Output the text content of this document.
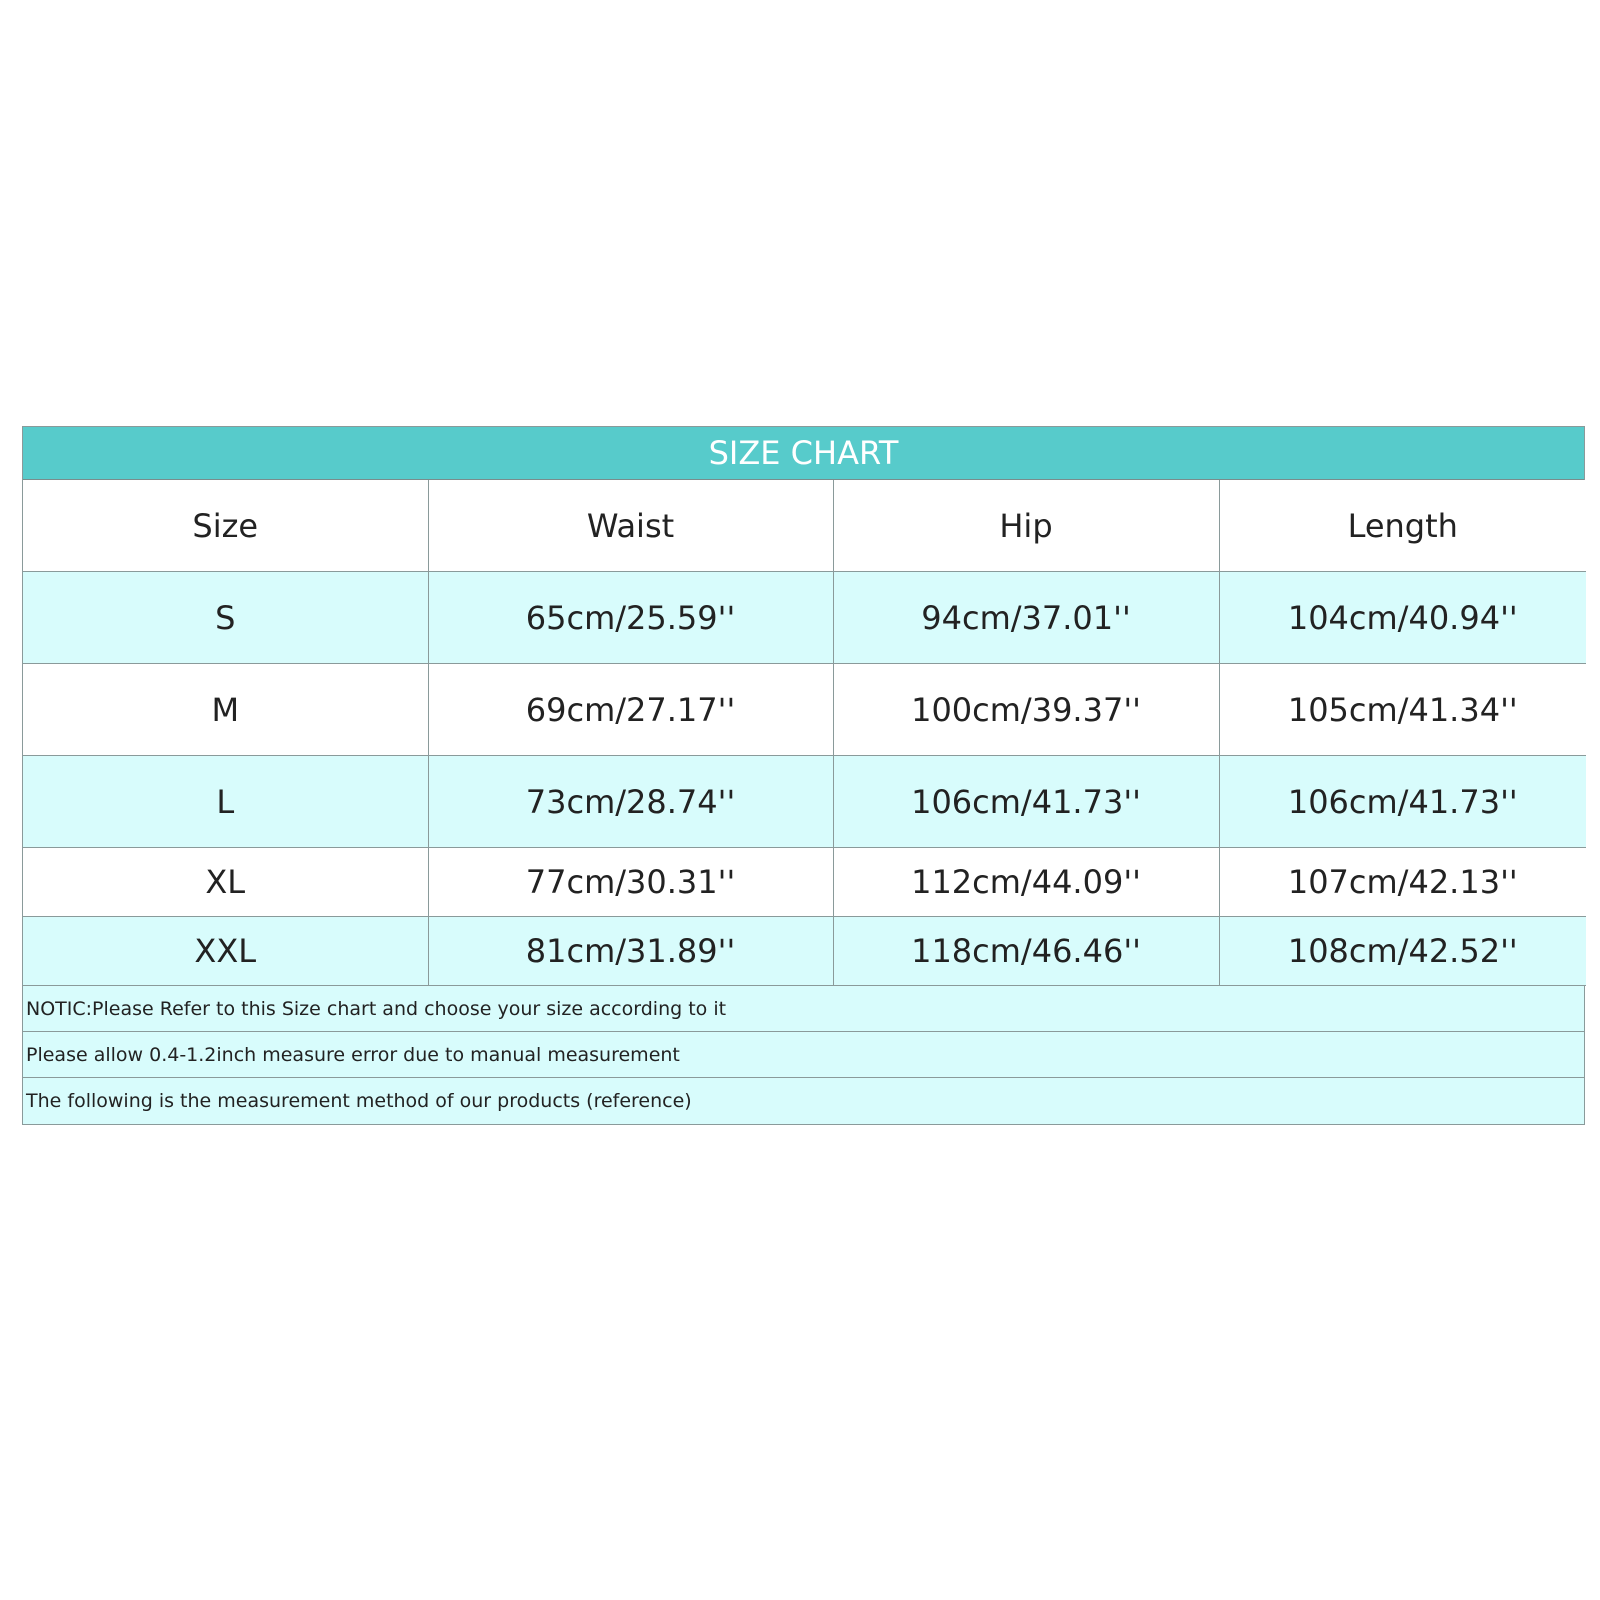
SIZE CHART
Size	Waist	Hip	Length
S	65cm/25.59''	94cm/37.01''	104cm/40.94''
M	69cm/27.17''	100cm/39.37''	105cm/41.34''
L	73cm/28.74''	106cm/41.73''	106cm/41.73''
XL	77cm/30.31''	112cm/44.09''	107cm/42.13''
XXL	81cm/31.89''	118cm/46.46''	108cm/42.52''
NOTIC:Please Refer to this Size chart and choose your size according to it
Please allow 0.4-1.2inch measure error due to manual measurement
The following is the measurement method of our products (reference)
